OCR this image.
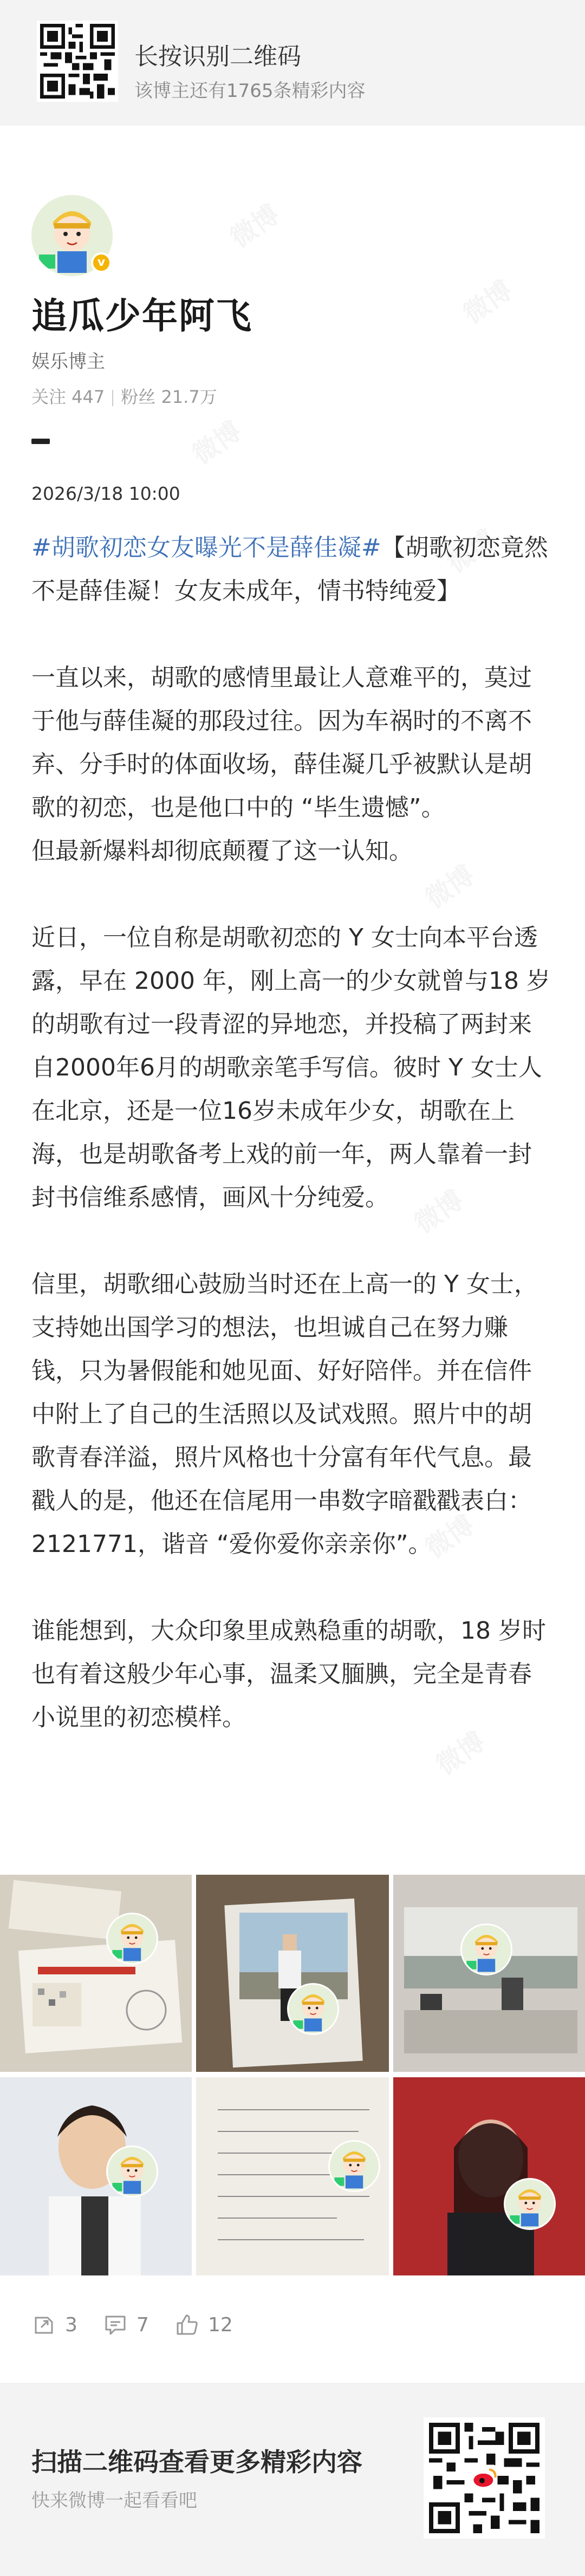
长按识别二维码
该博主还有1765条精彩内容
v
追瓜少年阿飞
娱乐博主
关注 447 粉丝 21.7万
2026/3/18 10:00

#胡歌初恋女友曝光不是薛佳凝#【胡歌初恋竟然不是薛佳凝！女友未成年，情书特纯爱】

一直以来，胡歌的感情里最让人意难平的，莫过于他与薛佳凝的那段过往。因为车祸时的不离不弃、分手时的体面收场，薛佳凝几乎被默认是胡歌的初恋，也是他口中的 “毕生遗憾”。

但最新爆料却彻底颠覆了这一认知。

近日，一位自称是胡歌初恋的 Y 女士向本平台透露，早在 2000 年，刚上高一的少女就曾与18 岁的胡歌有过一段青涩的异地恋，并投稿了两封来自2000年6月的胡歌亲笔手写信。彼时 Y 女士人在北京，还是一位16岁未成年少女，胡歌在上海，也是胡歌备考上戏的前一年，两人靠着一封封书信维系感情，画风十分纯爱。

信里，胡歌细心鼓励当时还在上高一的 Y 女士，支持她出国学习的想法，也坦诚自己在努力赚钱，只为暑假能和她见面、好好陪伴。并在信件中附上了自己的生活照以及试戏照。照片中的胡歌青春洋溢，照片风格也十分富有年代气息。最戳人的是，他还在信尾用一串数字暗戳戳表白：2121771，谐音 “爱你爱你亲亲你”。

谁能想到，大众印象里成熟稳重的胡歌，18 岁时也有着这般少年心事，温柔又腼腆，完全是青春小说里的初恋模样。

3	7	12
扫描二维码查看更多精彩内容
快来微博一起看看吧
